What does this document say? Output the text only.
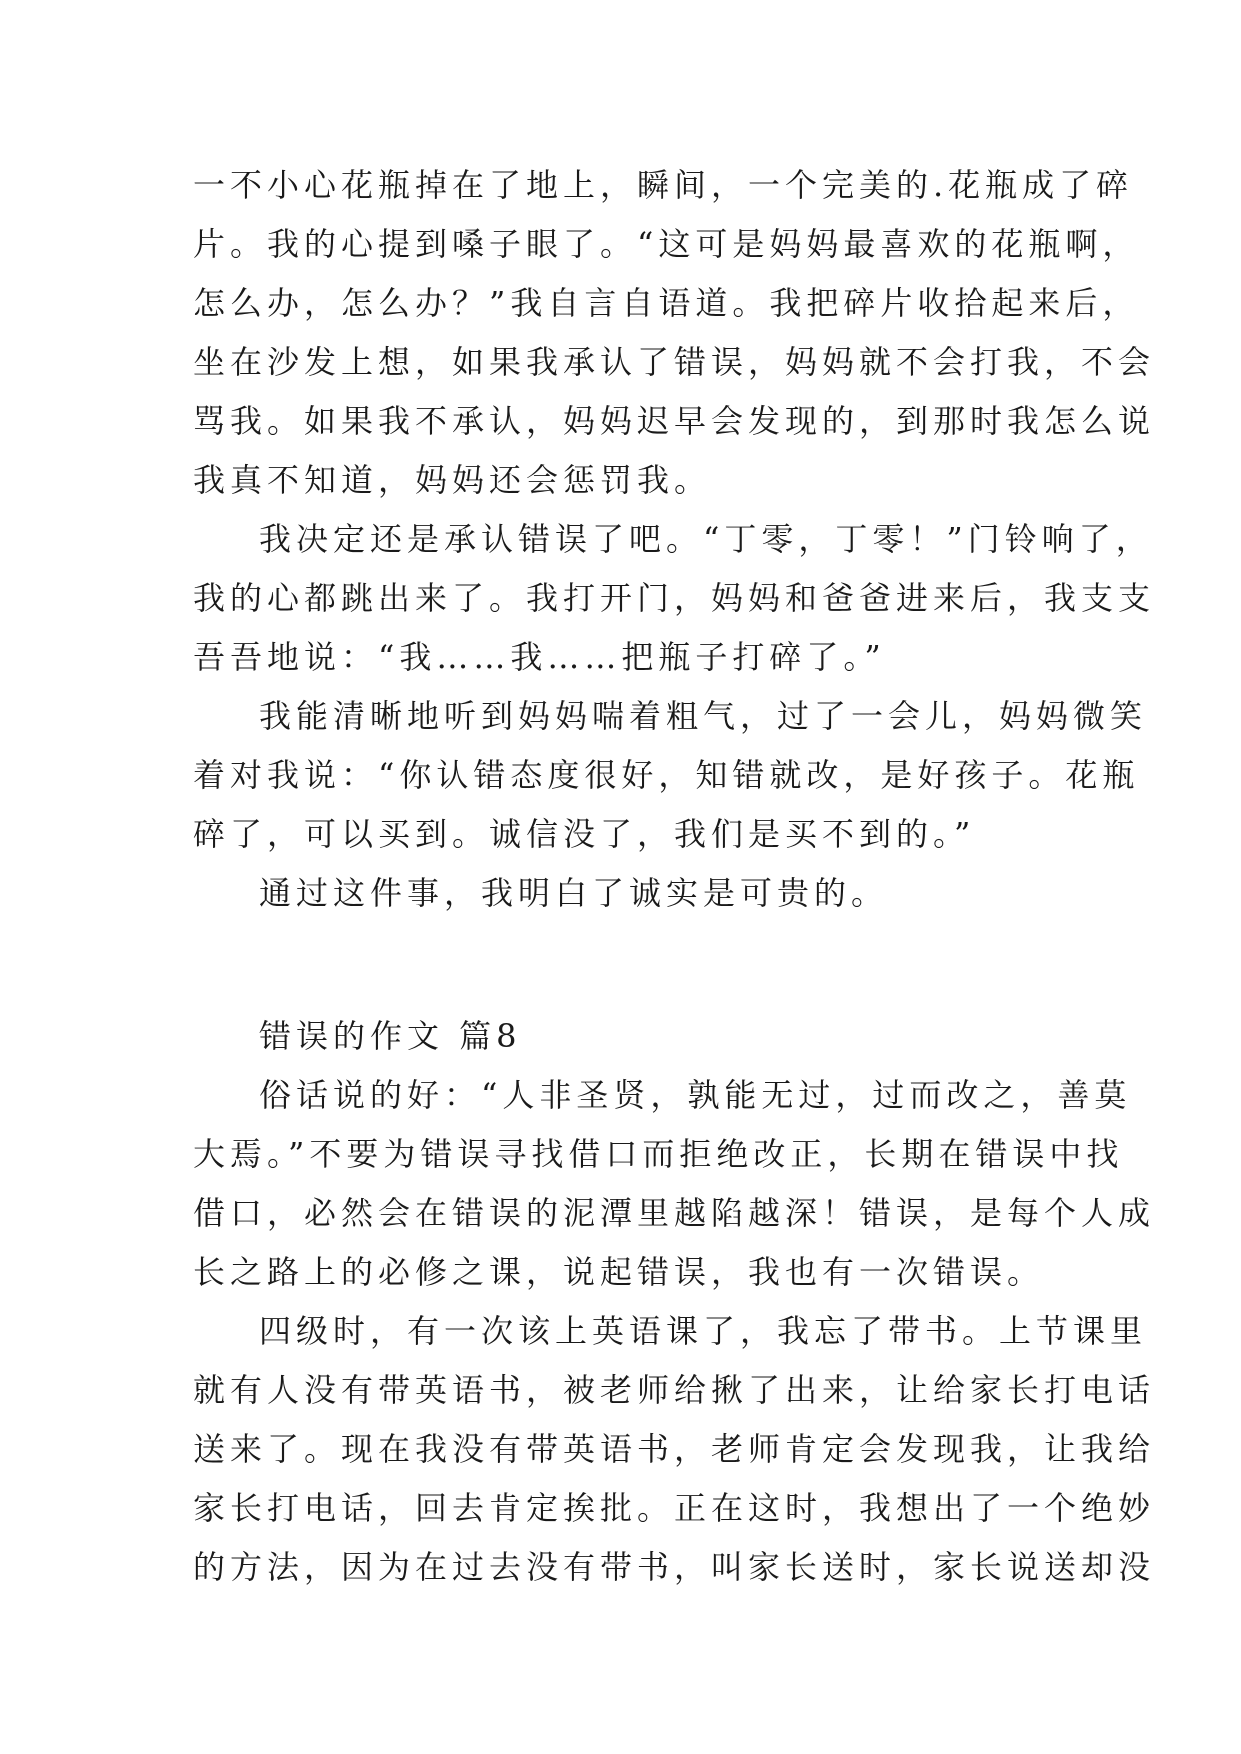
一不小心花瓶掉在了地上，瞬间，一个完美的.花瓶成了碎
片。我的心提到嗓子眼了。“这可是妈妈最喜欢的花瓶啊，
怎么办，怎么办？”我自言自语道。我把碎片收拾起来后，
坐在沙发上想，如果我承认了错误，妈妈就不会打我，不会
骂我。如果我不承认，妈妈迟早会发现的，到那时我怎么说
我真不知道，妈妈还会惩罚我。
我决定还是承认错误了吧。“丁零，丁零！”门铃响了，
我的心都跳出来了。我打开门，妈妈和爸爸进来后，我支支
吾吾地说：“我……我……把瓶子打碎了。”
我能清晰地听到妈妈喘着粗气，过了一会儿，妈妈微笑
着对我说：“你认错态度很好，知错就改，是好孩子。花瓶
碎了，可以买到。诚信没了，我们是买不到的。”
通过这件事，我明白了诚实是可贵的。
错误的作文 篇8
俗话说的好：“人非圣贤，孰能无过，过而改之，善莫
大焉。”不要为错误寻找借口而拒绝改正，长期在错误中找
借口，必然会在错误的泥潭里越陷越深！错误，是每个人成
长之路上的必修之课，说起错误，我也有一次错误。
四级时，有一次该上英语课了，我忘了带书。上节课里
就有人没有带英语书，被老师给揪了出来，让给家长打电话
送来了。现在我没有带英语书，老师肯定会发现我，让我给
家长打电话，回去肯定挨批。正在这时，我想出了一个绝妙
的方法，因为在过去没有带书，叫家长送时，家长说送却没
